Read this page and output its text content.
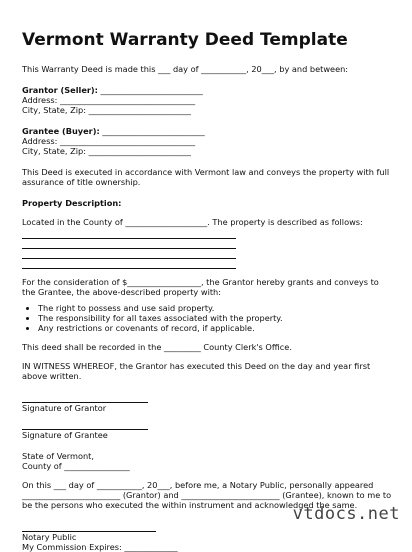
Vermont Warranty Deed Template

This Warranty Deed is made this ___ day of ___________, 20___, by and between:

Grantor (Seller): _________________________

Address: _________________________________

City, State, Zip: _________________________

Grantee (Buyer): _________________________

Address: _________________________________

City, State, Zip: _________________________

This Deed is executed in accordance with Vermont law and conveys the property with full assurance of title ownership.

Property Description:

Located in the County of ____________________. The property is described as follows:

For the consideration of $__________________, the Grantor hereby grants and conveys to the Grantee, the above-described property with:

• The right to possess and use said property.
• The responsibility for all taxes associated with the property.
• Any restrictions or covenants of record, if applicable.

This deed shall be recorded in the _________ County Clerk's Office.

IN WITNESS WHEREOF, the Grantor has executed this Deed on the day and year first above written.

Signature of Grantor

Signature of Grantee

State of Vermont,

County of ________________

On this ___ day of ___________, 20___, before me, a Notary Public, personally appeared ________________________ (Grantor) and ________________________ (Grantee), known to me to be the persons who executed the within instrument and acknowledged the same.

Notary Public

My Commission Expires: _____________

vtdocs.net
